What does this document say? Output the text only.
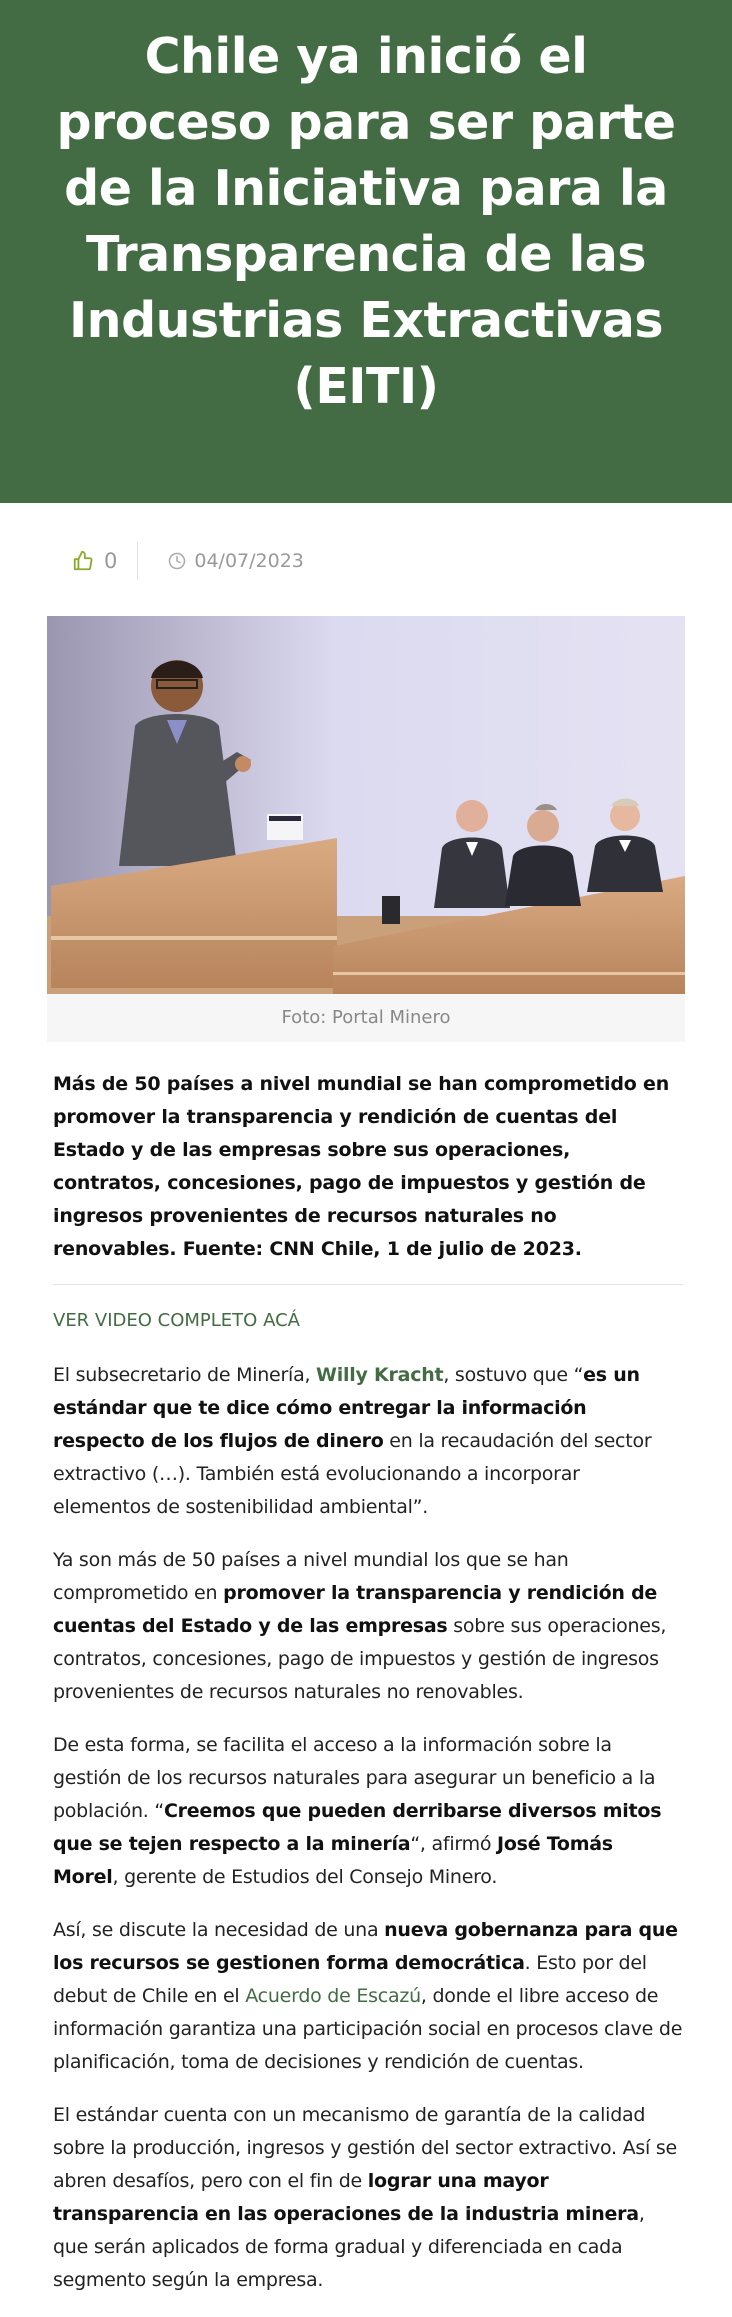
Chile ya inició el proceso para ser parte de la Iniciativa para la Transparencia de las Industrias Extractivas (EITI)
0	04/07/2023
Foto: Portal Minero

Más de 50 países a nivel mundial se han comprometido en promover la transparencia y rendición de cuentas del Estado y de las empresas sobre sus operaciones, contratos, concesiones, pago de impuestos y gestión de ingresos provenientes de recursos naturales no renovables. Fuente: CNN Chile, 1 de julio de 2023.

VER VIDEO COMPLETO ACÁ

El subsecretario de Minería, Willy Kracht, sostuvo que “es un estándar que te dice cómo entregar la información respecto de los flujos de dinero en la recaudación del sector extractivo (…). También está evolucionando a incorporar elementos de sostenibilidad ambiental”.

Ya son más de 50 países a nivel mundial los que se han comprometido en promover la transparencia y rendición de cuentas del Estado y de las empresas sobre sus operaciones, contratos, concesiones, pago de impuestos y gestión de ingresos provenientes de recursos naturales no renovables.

De esta forma, se facilita el acceso a la información sobre la gestión de los recursos naturales para asegurar un beneficio a la población. “Creemos que pueden derribarse diversos mitos que se tejen respecto a la minería“, afirmó José Tomás Morel, gerente de Estudios del Consejo Minero.

Así, se discute la necesidad de una nueva gobernanza para que los recursos se gestionen forma democrática. Esto por del debut de Chile en el Acuerdo de Escazú, donde el libre acceso de información garantiza una participación social en procesos clave de planificación, toma de decisiones y rendición de cuentas.

El estándar cuenta con un mecanismo de garantía de la calidad sobre la producción, ingresos y gestión del sector extractivo. Así se abren desafíos, pero con el fin de lograr una mayor transparencia en las operaciones de la industria minera, que serán aplicados de forma gradual y diferenciada en cada segmento según la empresa.
